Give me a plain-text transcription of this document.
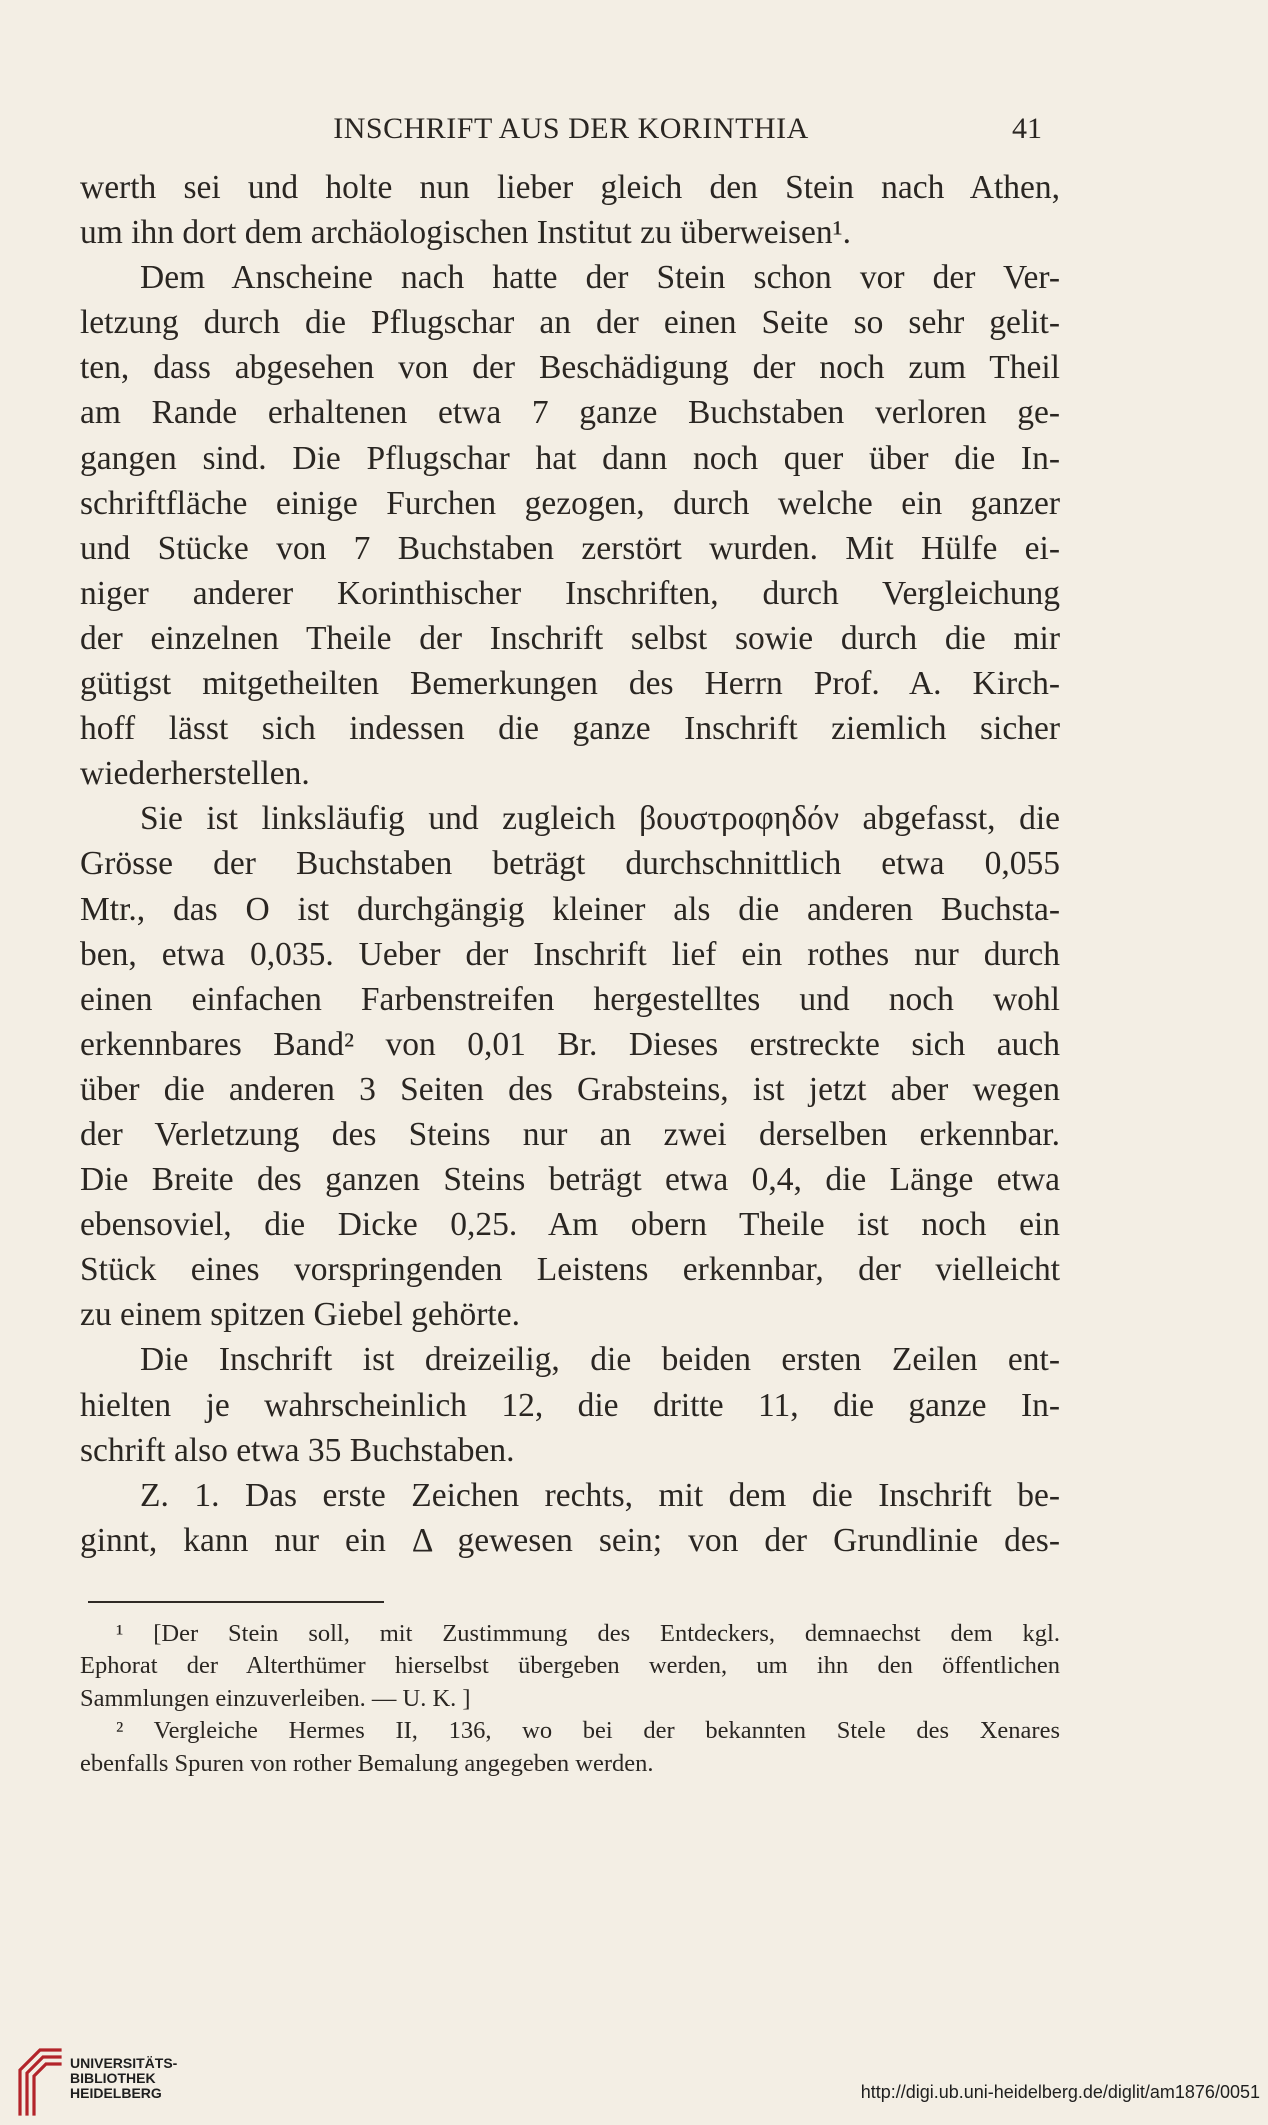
INSCHRIFT AUS DER KORINTHIA	41
werth sei und holte nun lieber gleich den Stein nach Athen,
um ihn dort dem archäologischen Institut zu überweisen¹.
Dem Anscheine nach hatte der Stein schon vor der Ver-
letzung durch die Pflugschar an der einen Seite so sehr gelit-
ten, dass abgesehen von der Beschädigung der noch zum Theil
am Rande erhaltenen etwa 7 ganze Buchstaben verloren ge-
gangen sind. Die Pflugschar hat dann noch quer über die In-
schriftfläche einige Furchen gezogen, durch welche ein ganzer
und Stücke von 7 Buchstaben zerstört wurden. Mit Hülfe ei-
niger anderer Korinthischer Inschriften, durch Vergleichung
der einzelnen Theile der Inschrift selbst sowie durch die mir
gütigst mitgetheilten Bemerkungen des Herrn Prof. A. Kirch-
hoff lässt sich indessen die ganze Inschrift ziemlich sicher
wiederherstellen.
Sie ist linksläufig und zugleich βουστροφηδόν abgefasst, die
Grösse der Buchstaben beträgt durchschnittlich etwa 0,055
Mtr., das O ist durchgängig kleiner als die anderen Buchsta-
ben, etwa 0,035. Ueber der Inschrift lief ein rothes nur durch
einen einfachen Farbenstreifen hergestelltes und noch wohl
erkennbares Band² von 0,01 Br. Dieses erstreckte sich auch
über die anderen 3 Seiten des Grabsteins, ist jetzt aber wegen
der Verletzung des Steins nur an zwei derselben erkennbar.
Die Breite des ganzen Steins beträgt etwa 0,4, die Länge etwa
ebensoviel, die Dicke 0,25. Am obern Theile ist noch ein
Stück eines vorspringenden Leistens erkennbar, der vielleicht
zu einem spitzen Giebel gehörte.
Die Inschrift ist dreizeilig, die beiden ersten Zeilen ent-
hielten je wahrscheinlich 12, die dritte 11, die ganze In-
schrift also etwa 35 Buchstaben.
Z. 1. Das erste Zeichen rechts, mit dem die Inschrift be-
ginnt, kann nur ein Δ gewesen sein; von der Grundlinie des-
¹ [Der Stein soll, mit Zustimmung des Entdeckers, demnaechst dem kgl.
Ephorat der Alterthümer hierselbst übergeben werden, um ihn den öffentlichen
Sammlungen einzuverleiben. — U. K. ]
² Vergleiche Hermes II, 136, wo bei der bekannten Stele des Xenares
ebenfalls Spuren von rother Bemalung angegeben werden.
UNIVERSITÄTS-
BIBLIOTHEK
HEIDELBERG	http://digi.ub.uni-heidelberg.de/diglit/am1876/0051
